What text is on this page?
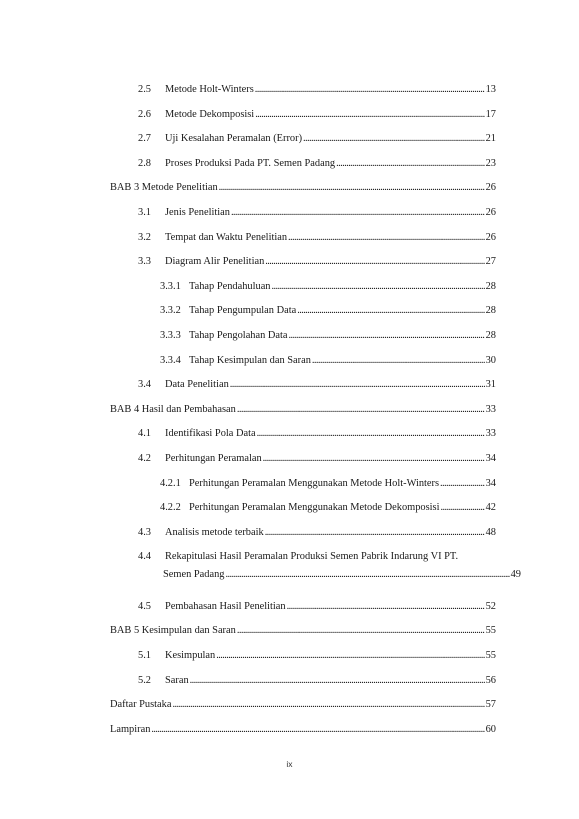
2.5	Metode Holt-Winters . . .	13
2.6	Metode Dekomposisi . . .	17
2.7	Uji Kesalahan Peramalan (Error) . . .	21
2.8	Proses Produksi Pada PT. Semen Padang . . .	23
BAB 3 Metode Penelitian . . .	26
3.1	Jenis Penelitian . . .	26
3.2	Tempat dan Waktu Penelitian . . .	26
3.3	Diagram Alir Penelitian . . .	27
3.3.1 Tahap Pendahuluan . . .	28
3.3.2 Tahap Pengumpulan Data . . .	28
3.3.3 Tahap Pengolahan Data . . .	28
3.3.4 Tahap Kesimpulan dan Saran . . .	30
3.4	Data Penelitian . . .	31
BAB 4 Hasil dan Pembahasan . . .	33
4.1	Identifikasi Pola Data . . .	33
4.2	Perhitungan Peramalan . . .	34
4.2.1 Perhitungan Peramalan Menggunakan Metode Holt-Winters . . .	34
4.2.2 Perhitungan Peramalan Menggunakan Metode Dekomposisi . . .	42
4.3	Analisis metode terbaik . . .	48
4.4 Rekapitulasi Hasil Peramalan Produksi Semen Pabrik Indarung VI PT.
Semen Padang . . .	49
4.5	Pembahasan Hasil Penelitian . . .	52
BAB 5 Kesimpulan dan Saran . . .	55
5.1	Kesimpulan . . .	55
5.2	Saran . . .	56
Daftar Pustaka . . .	57
Lampiran . . .	60
ix
